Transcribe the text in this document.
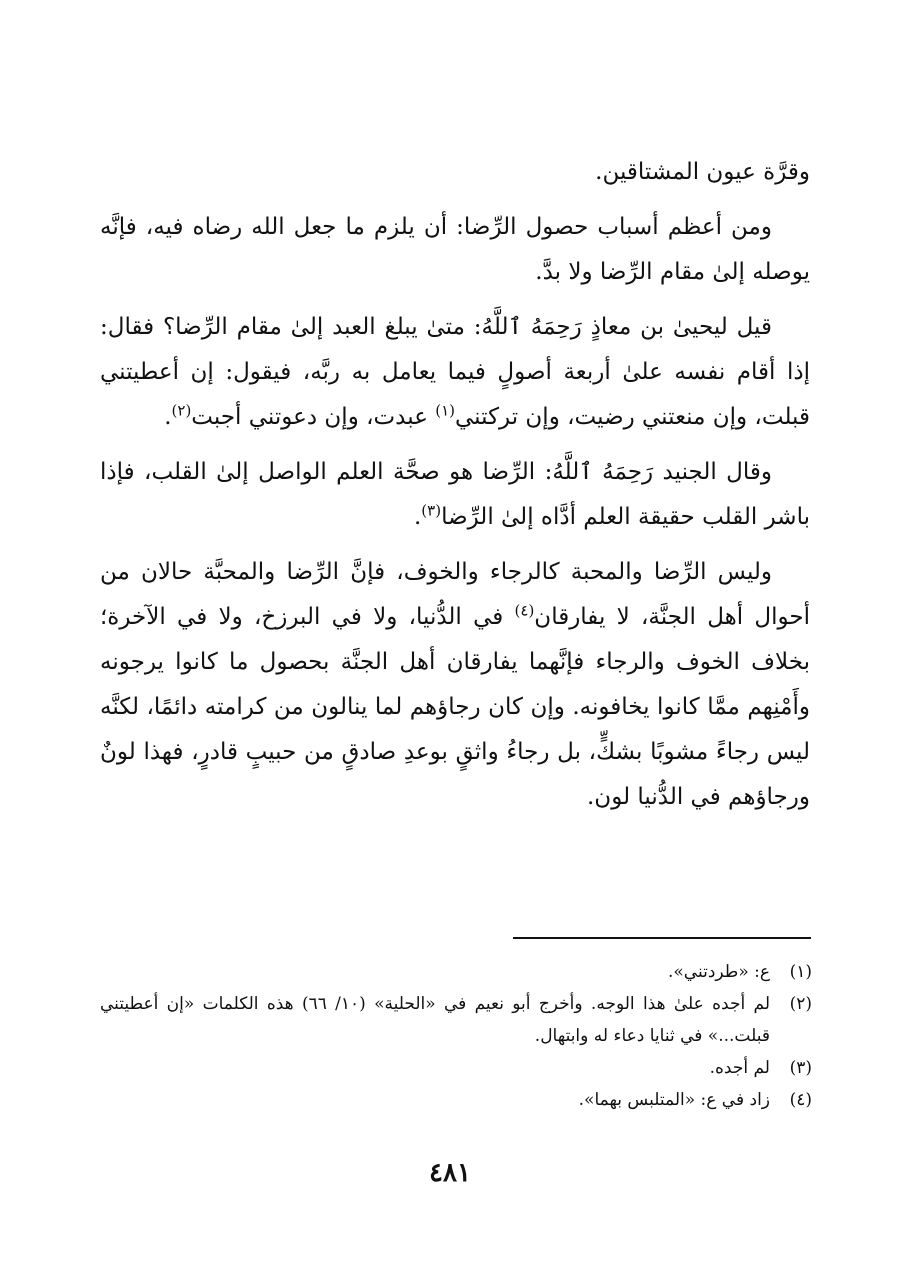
وقرَّة عيون المشتاقين.

ومن أعظم أسباب حصول الرِّضا: أن يلزم ما جعل الله رضاه فيه، فإنَّه يوصله إلىٰ مقام الرِّضا ولا بدَّ.

قيل ليحيىٰ بن معاذٍ رَحِمَهُ ٱللَّهُ: متىٰ يبلغ العبد إلىٰ مقام الرِّضا؟ فقال: إذا أقام نفسه علىٰ أربعة أصولٍ فيما يعامل به ربَّه، فيقول: إن أعطيتني قبلت، وإن منعتني رضيت، وإن تركتني$^{(١)}$ عبدت، وإن دعوتني أجبت$^{(٢)}$.

وقال الجنيد رَحِمَهُ ٱللَّهُ: الرِّضا هو صحَّة العلم الواصل إلىٰ القلب، فإذا باشر القلب حقيقة العلم أدَّاه إلىٰ الرِّضا$^{(٣)}$.

وليس الرِّضا والمحبة كالرجاء والخوف، فإنَّ الرِّضا والمحبَّة حالان من أحوال أهل الجنَّة، لا يفارقان$^{(٤)}$ في الدُّنيا، ولا في البرزخ، ولا في الآخرة؛ بخلاف الخوف والرجاء فإنَّهما يفارقان أهل الجنَّة بحصول ما كانوا يرجونه وأَمْنِهم ممَّا كانوا يخافونه. وإن كان رجاؤهم لما ينالون من كرامته دائمًا، لكنَّه ليس رجاءً مشوبًا بشكٍّ، بل رجاءُ واثقٍ بوعدِ صادقٍ من حبيبٍ قادرٍ، فهذا لونٌ ورجاؤهم في الدُّنيا لون.

(١)
ع: «طردتني».
(٢)
لم أجده علىٰ هذا الوجه. وأخرج أبو نعيم في «الحلية» (١٠/ ٦٦) هذه الكلمات «إن أعطيتني قبلت...» في ثنايا دعاء له وابتهال.
(٣)
لم أجده.
(٤)
زاد في ع: «المتلبس بهما».
٤٨١
